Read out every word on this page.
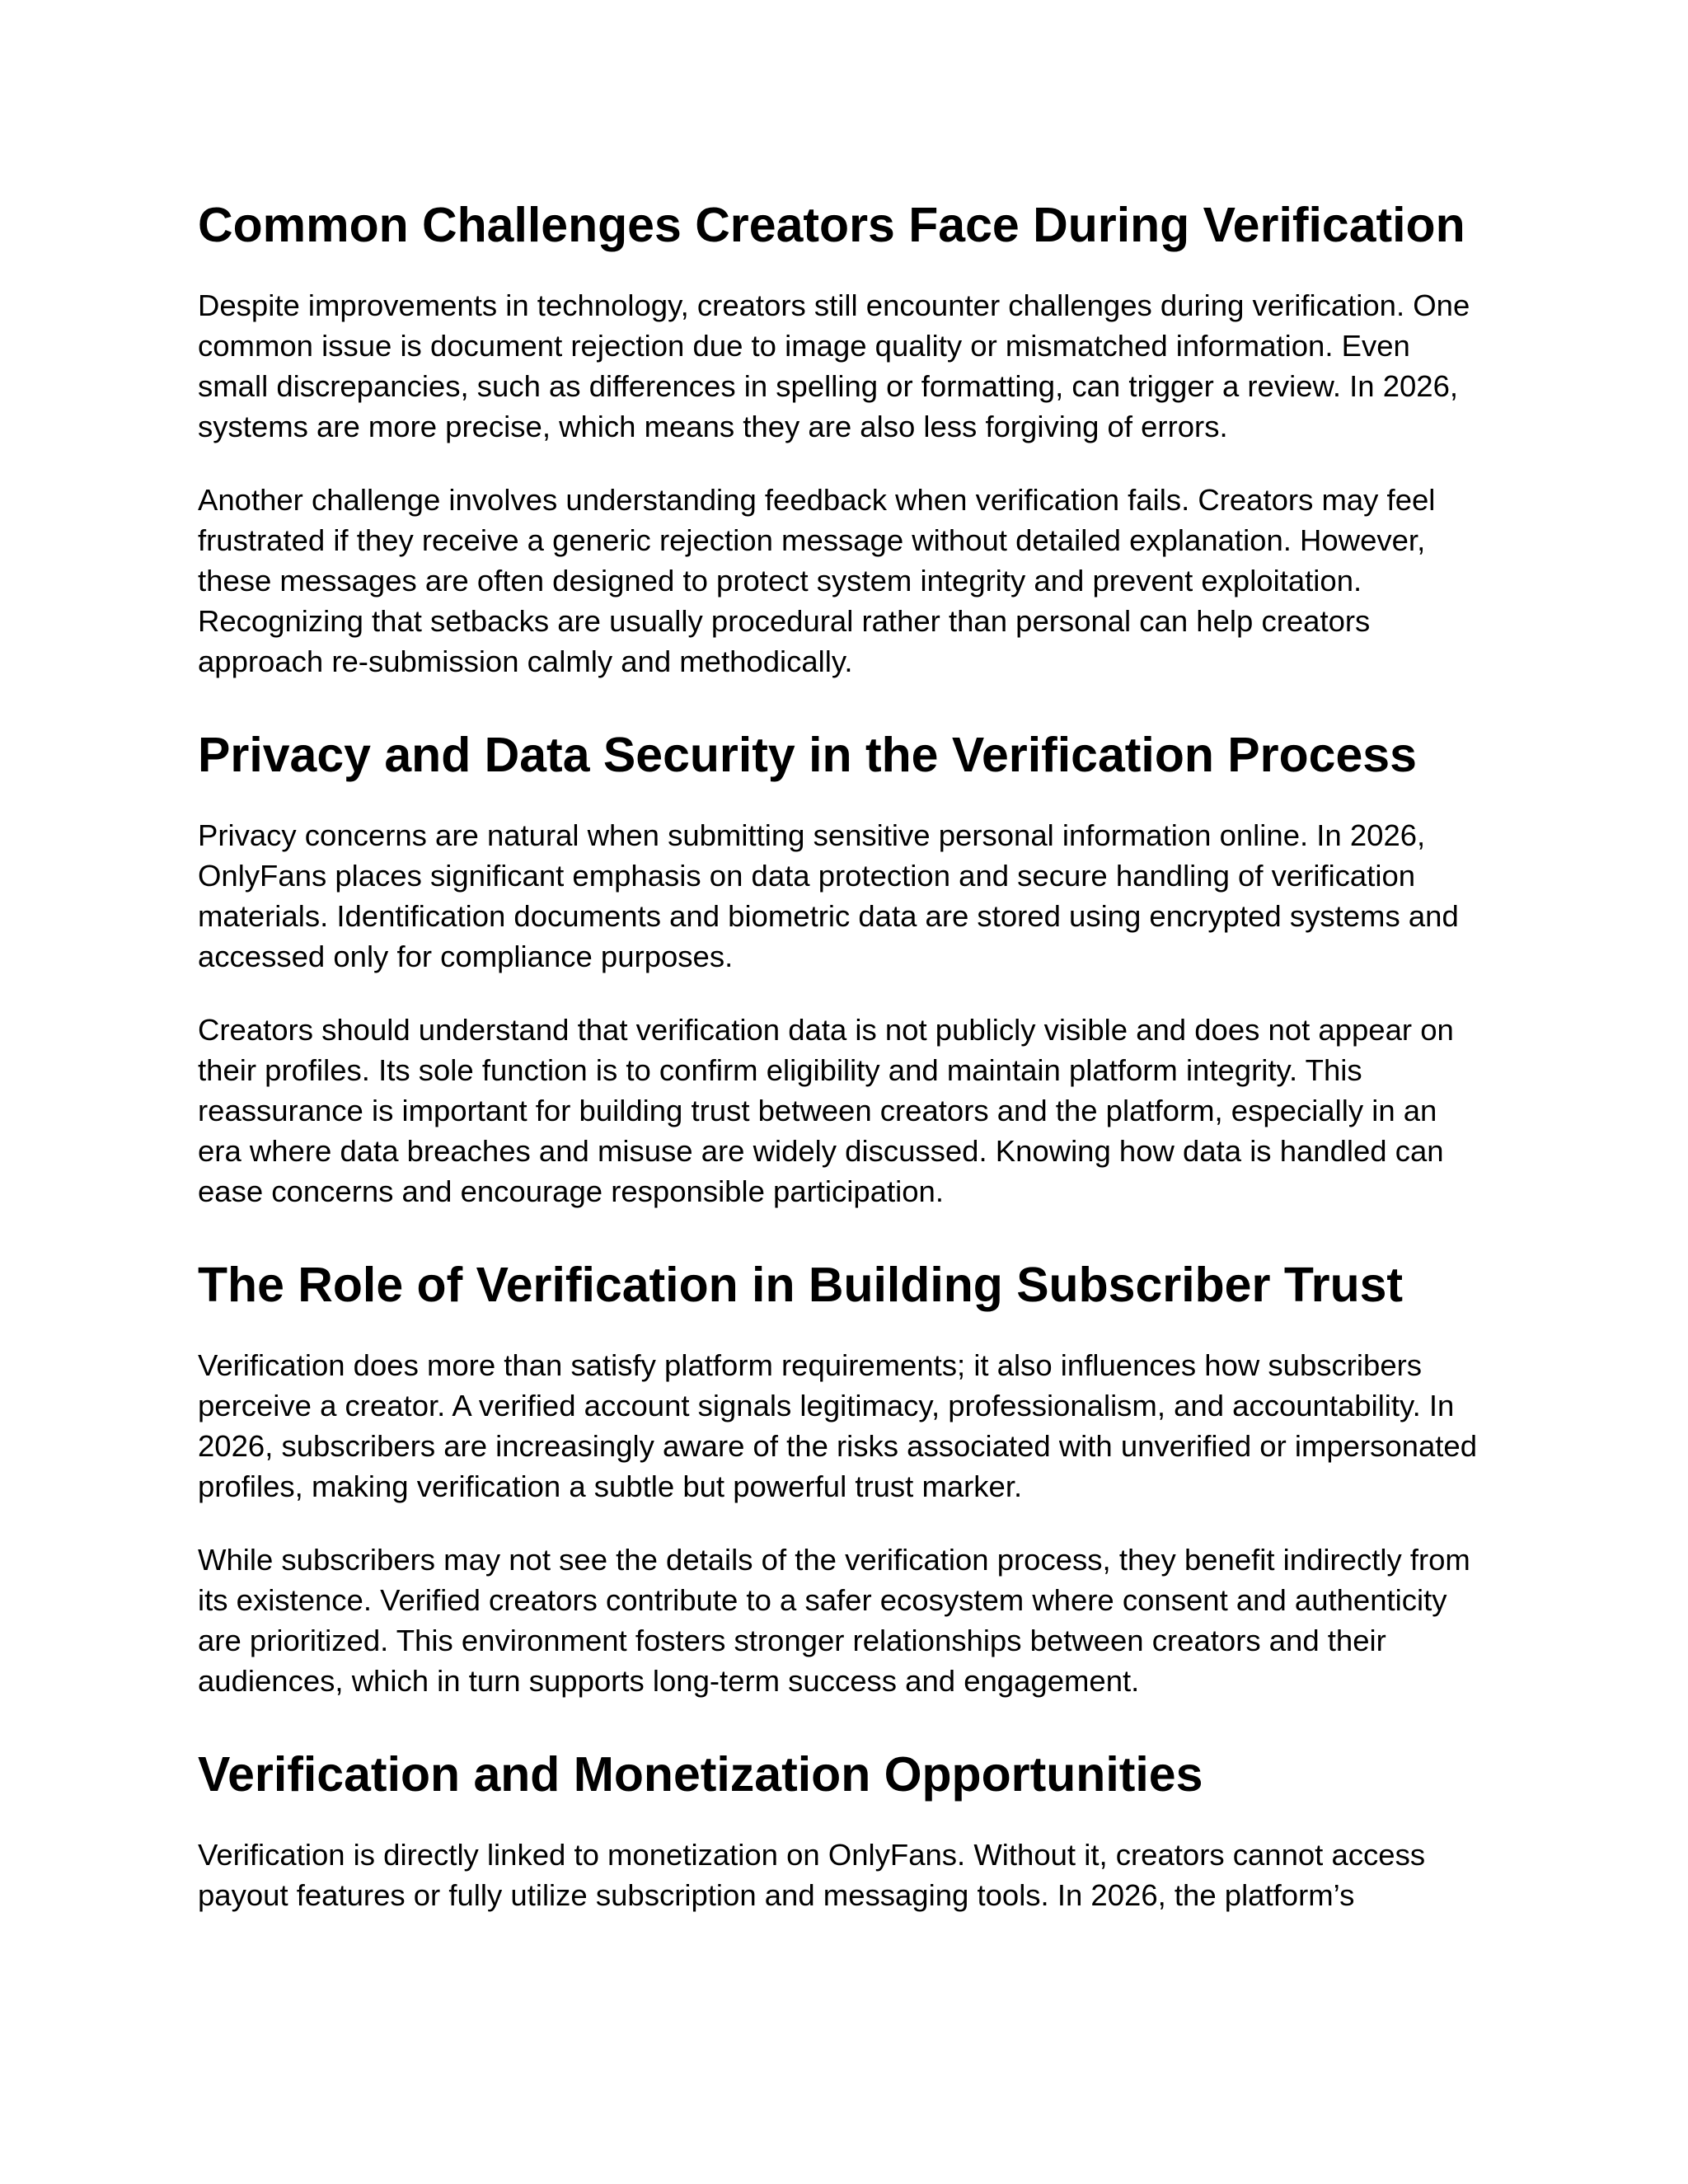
Common Challenges Creators Face During Verification

Despite improvements in technology, creators still encounter challenges during verification. One
common issue is document rejection due to image quality or mismatched information. Even
small discrepancies, such as differences in spelling or formatting, can trigger a review. In 2026,
systems are more precise, which means they are also less forgiving of errors.

Another challenge involves understanding feedback when verification fails. Creators may feel
frustrated if they receive a generic rejection message without detailed explanation. However,
these messages are often designed to protect system integrity and prevent exploitation.
Recognizing that setbacks are usually procedural rather than personal can help creators
approach re-submission calmly and methodically.

Privacy and Data Security in the Verification Process

Privacy concerns are natural when submitting sensitive personal information online. In 2026,
OnlyFans places significant emphasis on data protection and secure handling of verification
materials. Identification documents and biometric data are stored using encrypted systems and
accessed only for compliance purposes.

Creators should understand that verification data is not publicly visible and does not appear on
their profiles. Its sole function is to confirm eligibility and maintain platform integrity. This
reassurance is important for building trust between creators and the platform, especially in an
era where data breaches and misuse are widely discussed. Knowing how data is handled can
ease concerns and encourage responsible participation.

The Role of Verification in Building Subscriber Trust

Verification does more than satisfy platform requirements; it also influences how subscribers
perceive a creator. A verified account signals legitimacy, professionalism, and accountability. In
2026, subscribers are increasingly aware of the risks associated with unverified or impersonated
profiles, making verification a subtle but powerful trust marker.

While subscribers may not see the details of the verification process, they benefit indirectly from
its existence. Verified creators contribute to a safer ecosystem where consent and authenticity
are prioritized. This environment fosters stronger relationships between creators and their
audiences, which in turn supports long-term success and engagement.

Verification and Monetization Opportunities

Verification is directly linked to monetization on OnlyFans. Without it, creators cannot access
payout features or fully utilize subscription and messaging tools. In 2026, the platform’s
